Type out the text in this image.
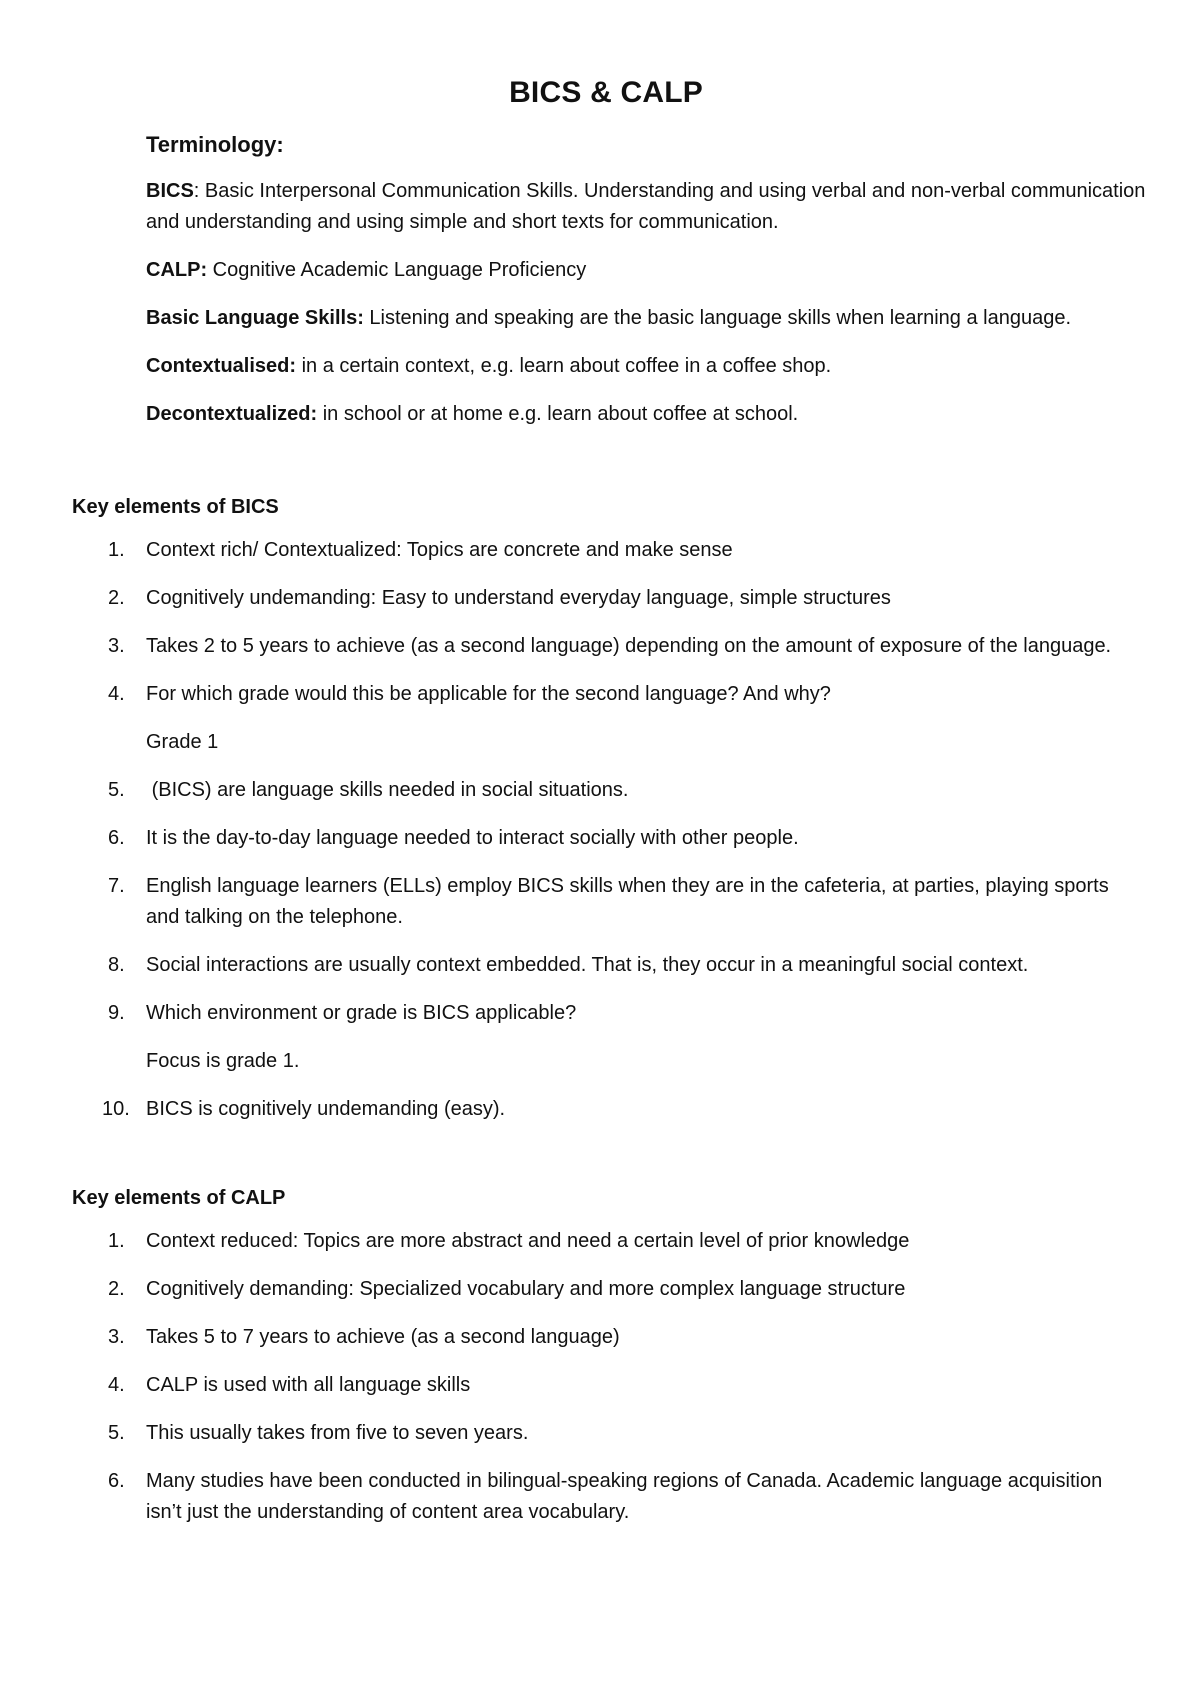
BICS & CALP
Terminology:

BICS: Basic Interpersonal Communication Skills. Understanding and using verbal and non-verbal communication and understanding and using simple and short texts for communication.

CALP: Cognitive Academic Language Proficiency

Basic Language Skills: Listening and speaking are the basic language skills when learning a language.

Contextualised: in a certain context, e.g. learn about coffee in a coffee shop.

Decontextualized: in school or at home e.g. learn about coffee at school.

Key elements of BICS
1. Context rich/ Contextualized: Topics are concrete and make sense
2. Cognitively undemanding: Easy to understand everyday language, simple structures
3. Takes 2 to 5 years to achieve (as a second language) depending on the amount of exposure of the language.
4. For which grade would this be applicable for the second language? And why?
Grade 1
5. (BICS) are language skills needed in social situations.
6. It is the day-to-day language needed to interact socially with other people.
7. English language learners (ELLs) employ BICS skills when they are in the cafeteria, at parties, playing sports and talking on the telephone.
8. Social interactions are usually context embedded. That is, they occur in a meaningful social context.
9. Which environment or grade is BICS applicable?
Focus is grade 1.
10. BICS is cognitively undemanding (easy).
Key elements of CALP
1. Context reduced: Topics are more abstract and need a certain level of prior knowledge
2. Cognitively demanding: Specialized vocabulary and more complex language structure
3. Takes 5 to 7 years to achieve (as a second language)
4. CALP is used with all language skills
5. This usually takes from five to seven years.
6. Many studies have been conducted in bilingual-speaking regions of Canada. Academic language acquisition isn’t just the understanding of content area vocabulary.
